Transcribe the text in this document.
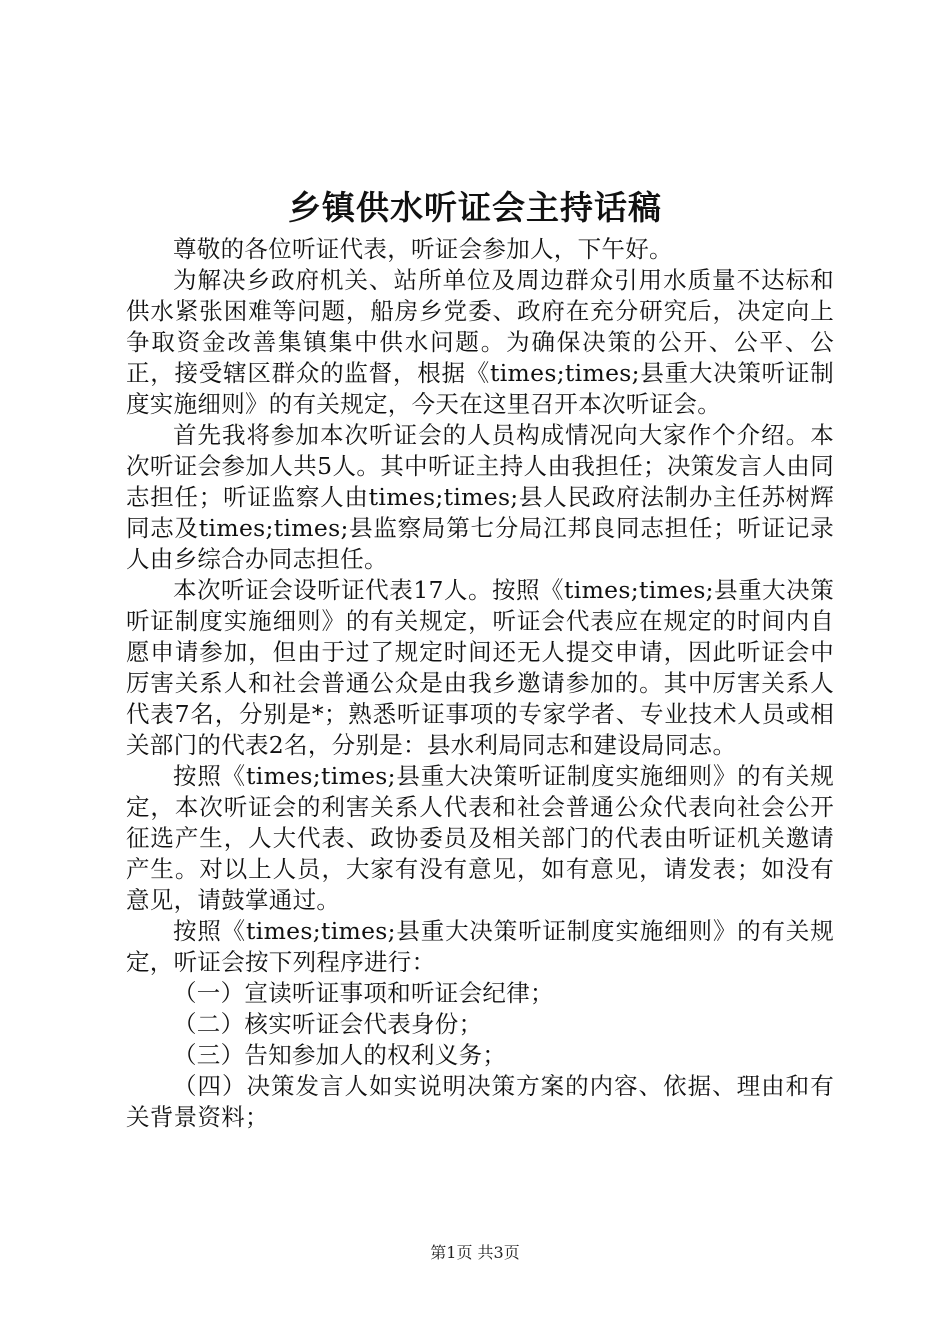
乡镇供水听证会主持话稿

尊敬的各位听证代表，听证会参加人，下午好。

为解决乡政府机关、站所单位及周边群众引用水质量不达标和供水紧张困难等问题，船房乡党委、政府在充分研究后，决定向上争取资金改善集镇集中供水问题。为确保决策的公开、公平、公正，接受辖区群众的监督，根据《times;times;县重大决策听证制度实施细则》的有关规定，今天在这里召开本次听证会。

首先我将参加本次听证会的人员构成情况向大家作个介绍。本次听证会参加人共5人。其中听证主持人由我担任；决策发言人由同志担任；听证监察人由times;times;县人民政府法制办主任苏树辉同志及times;times;县监察局第七分局江邦良同志担任；听证记录人由乡综合办同志担任。

本次听证会设听证代表17人。按照《times;times;县重大决策听证制度实施细则》的有关规定，听证会代表应在规定的时间内自愿申请参加，但由于过了规定时间还无人提交申请，因此听证会中厉害关系人和社会普通公众是由我乡邀请参加的。其中厉害关系人代表7名，分别是*；熟悉听证事项的专家学者、专业技术人员或相关部门的代表2名，分别是：县水利局同志和建设局同志。

按照《times;times;县重大决策听证制度实施细则》的有关规定，本次听证会的利害关系人代表和社会普通公众代表向社会公开征选产生，人大代表、政协委员及相关部门的代表由听证机关邀请产生。对以上人员，大家有没有意见，如有意见，请发表；如没有意见，请鼓掌通过。

按照《times;times;县重大决策听证制度实施细则》的有关规定，听证会按下列程序进行：

（一）宣读听证事项和听证会纪律；

（二）核实听证会代表身份；

（三）告知参加人的权利义务；

（四）决策发言人如实说明决策方案的内容、依据、理由和有关背景资料；

第1页 共3页
